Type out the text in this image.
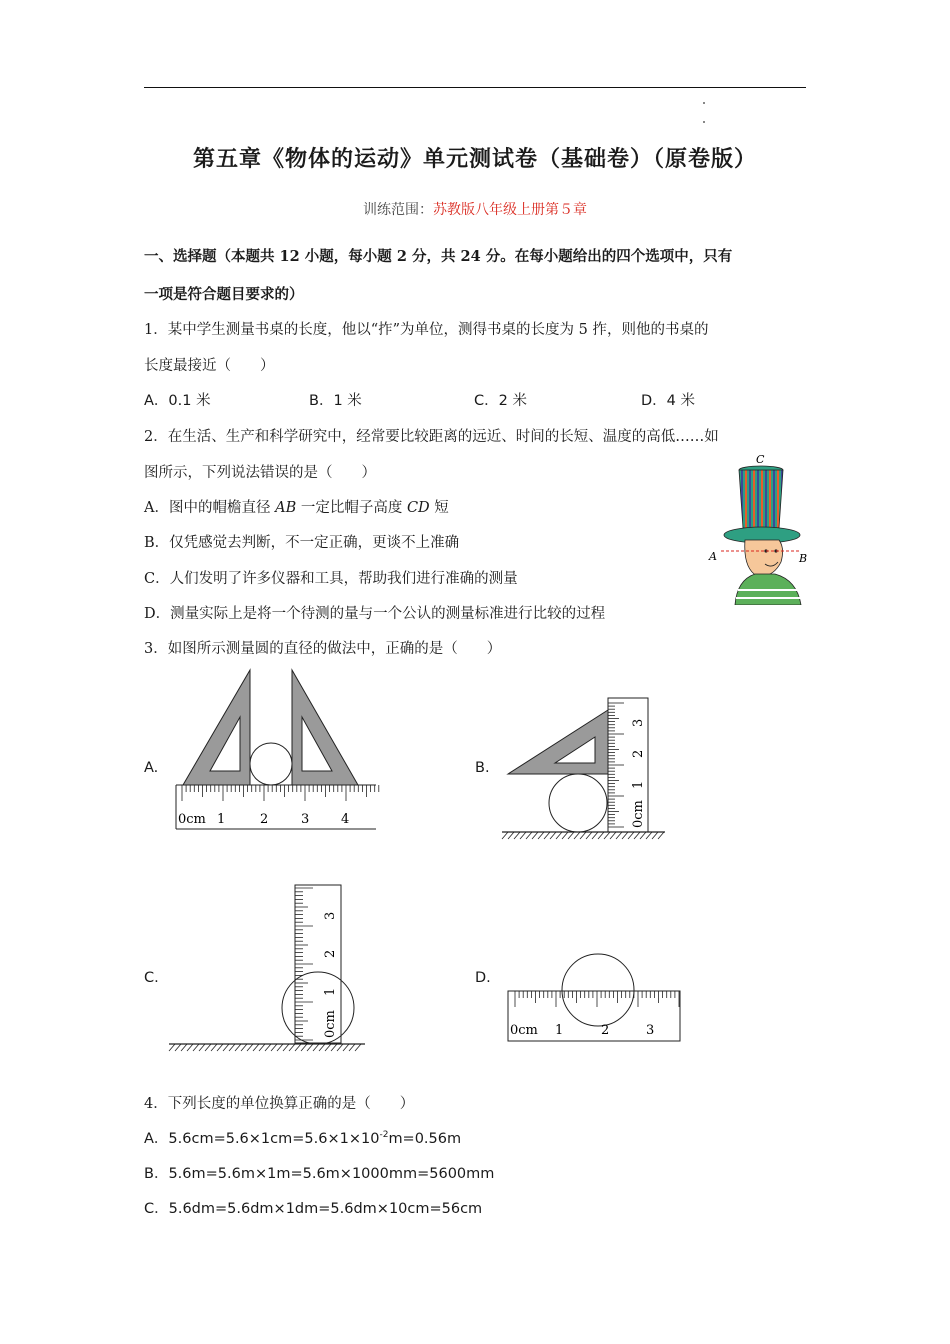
第五章《物体的运动》单元测试卷（基础卷）（原卷版）
训练范围：苏教版八年级上册第５章
一、选择题（本题共 12 小题，每小题 2 分，共 24 分。在每小题给出的四个选项中，只有
一项是符合题目要求的）
1．某中学生测量书桌的长度，他以“拃”为单位，测得书桌的长度为 5 拃，则他的书桌的
长度最接近（　　）
A．0.1 米	B．1 米	C．2 米	D．4 米
2．在生活、生产和科学研究中，经常要比较距离的远近、时间的长短、温度的高低……如
图所示，下列说法错误的是（　　）
A．图中的帽檐直径 AB 一定比帽子高度 CD 短
B．仅凭感觉去判断，不一定正确，更谈不上准确
C．人们发明了许多仪器和工具，帮助我们进行准确的测量
D．测量实际上是将一个待测的量与一个公认的测量标准进行比较的过程
C
A	B
3．如图所示测量圆的直径的做法中，正确的是（　　）
A.	B.
C.	D.
0cm 1	2	3 4	0cm
1
2
3
0cm
1
2
3
0cm 1	2	3
4．下列长度的单位换算正确的是（　　）
A．$5.6cm=5.6\times 1cm=5.6\times 1\times 10^{-2}m=0.56m$
B．5.6m=5.6m×1m=5.6m×1000mm=5600mm
C．5.6dm=5.6dm×1dm=5.6dm×10cm=56cm
